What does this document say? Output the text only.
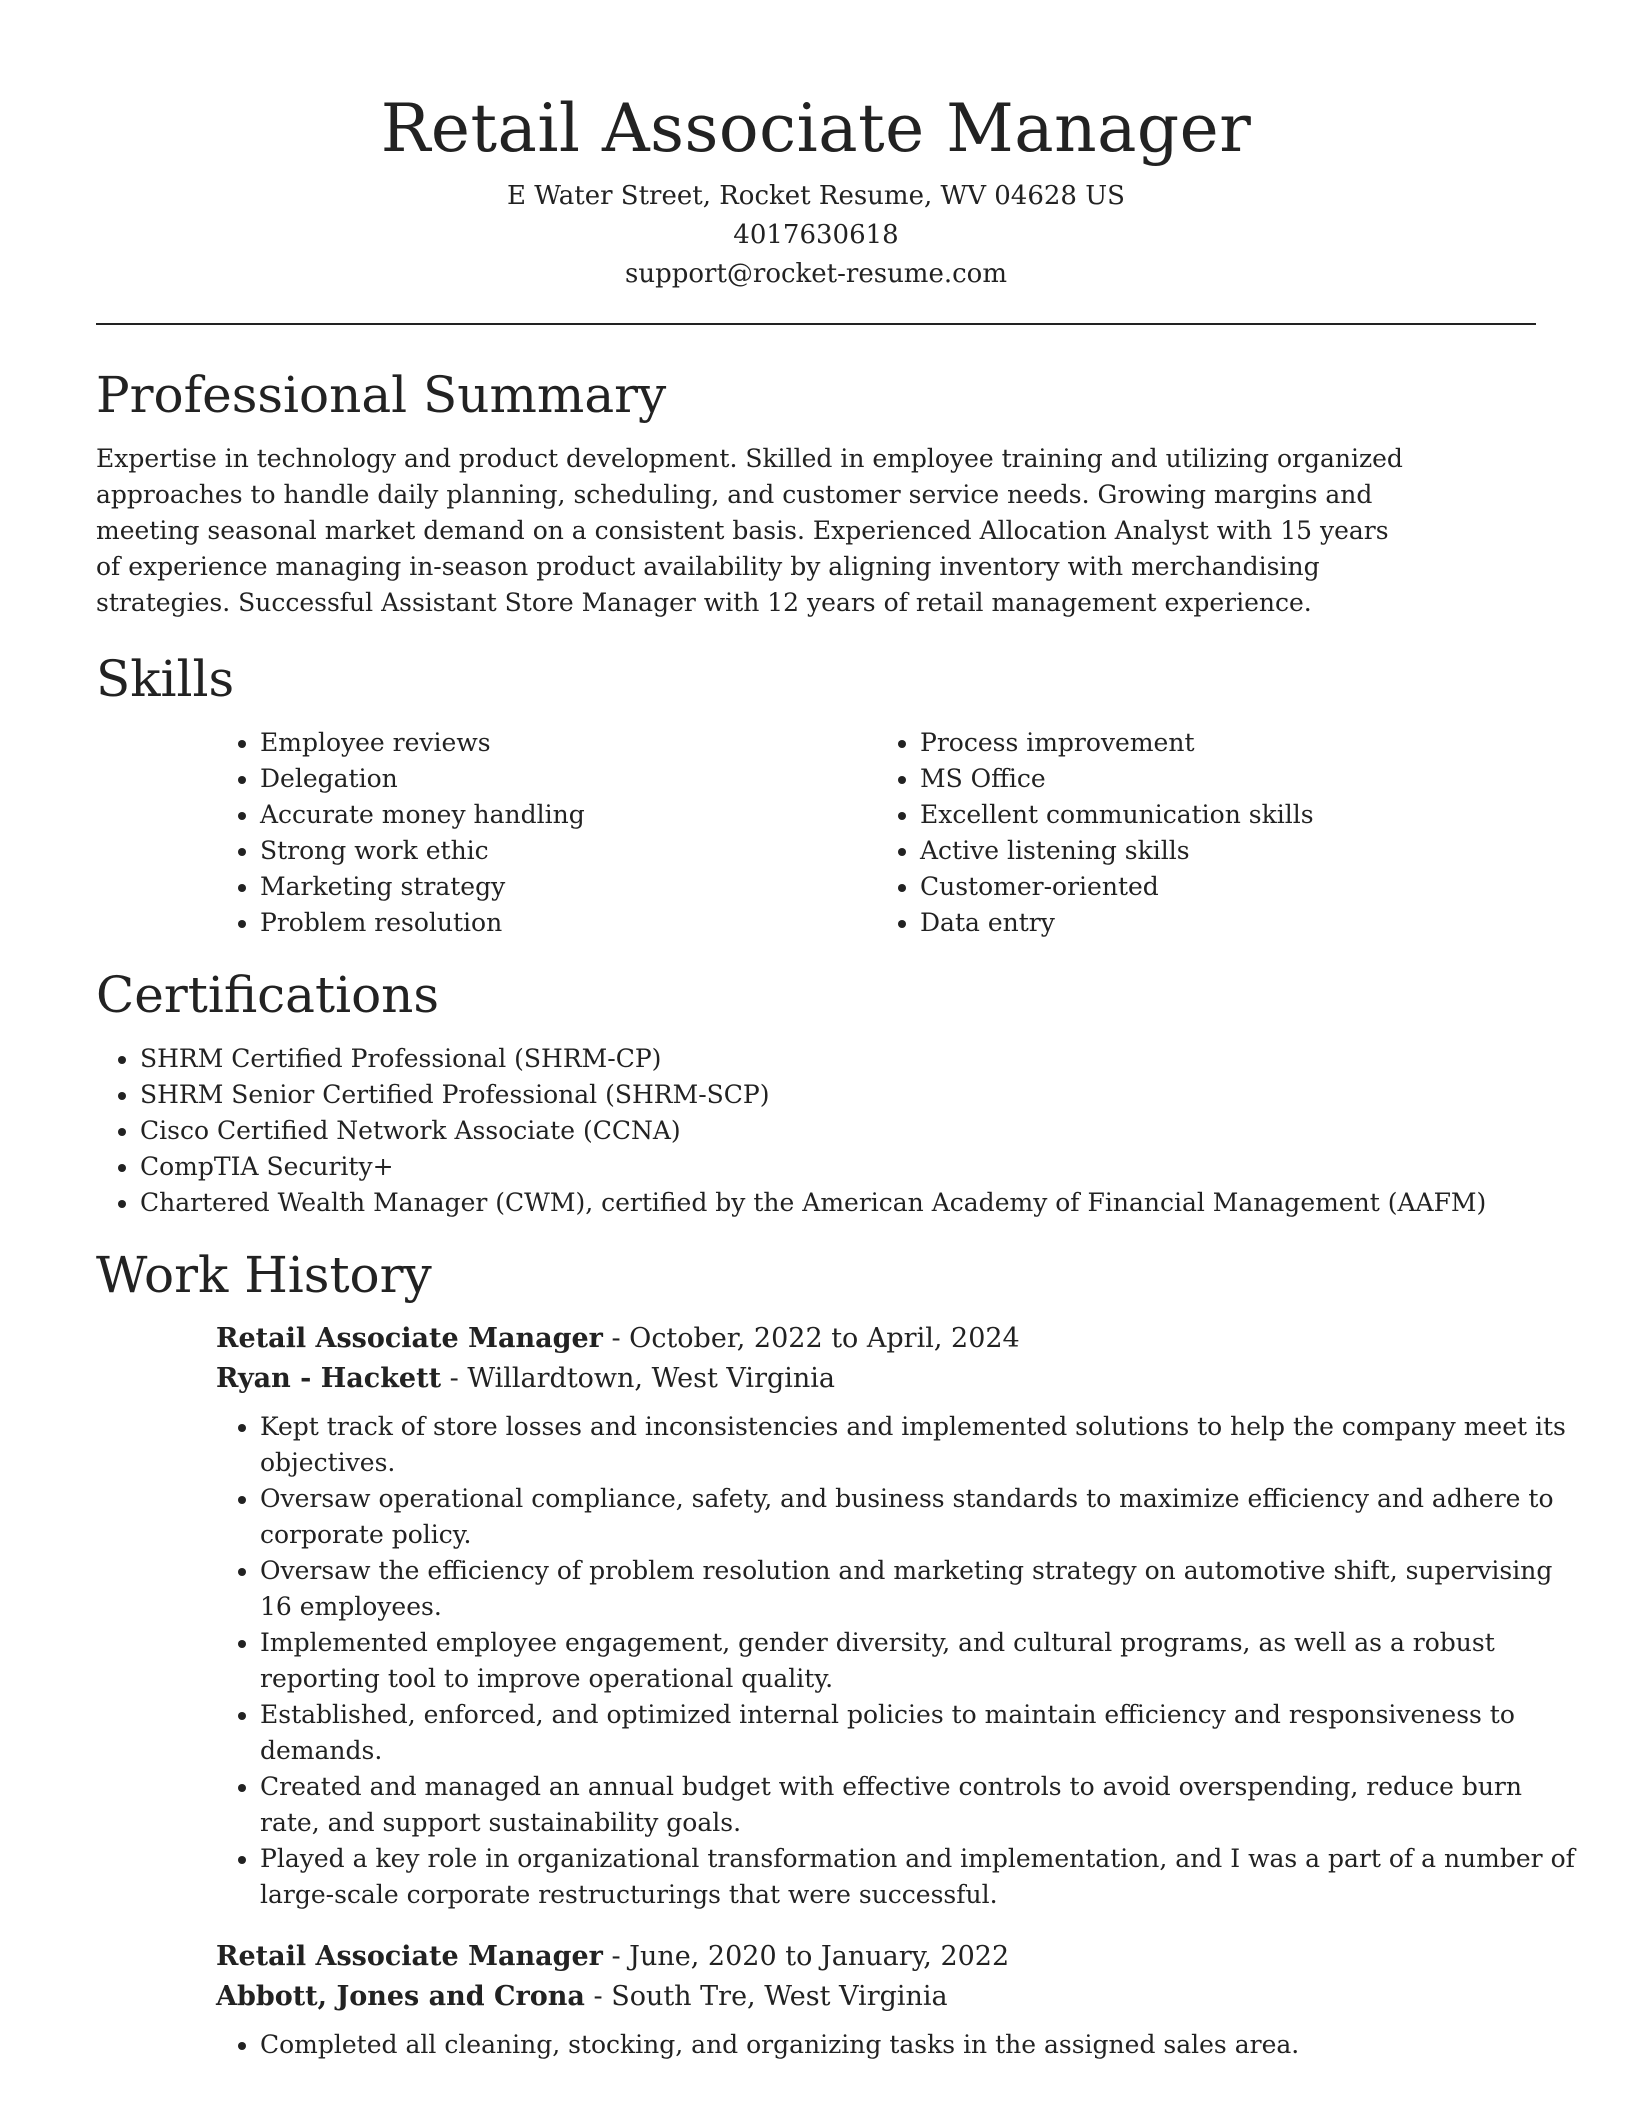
Retail Associate Manager

E Water Street, Rocket Resume, WV 04628 US

4017630618

support@rocket-resume.com

Professional Summary

Expertise in technology and product development. Skilled in employee training and utilizing organized approaches to handle daily planning, scheduling, and customer service needs. Growing margins and meeting seasonal market demand on a consistent basis. Experienced Allocation Analyst with 15 years of experience managing in-season product availability by aligning inventory with merchandising strategies. Successful Assistant Store Manager with 12 years of retail management experience.

Skills
• Employee reviews
• Delegation
• Accurate money handling
• Strong work ethic
• Marketing strategy
• Problem resolution
• Process improvement
• MS Office
• Excellent communication skills
• Active listening skills
• Customer-oriented
• Data entry
Certifications
• SHRM Certified Professional (SHRM-CP)
• SHRM Senior Certified Professional (SHRM-SCP)
• Cisco Certified Network Associate (CCNA)
• CompTIA Security+
• Chartered Wealth Manager (CWM), certified by the American Academy of Financial Management (AAFM)
Work History

Retail Associate Manager - October, 2022 to April, 2024

Ryan - Hackett - Willardtown, West Virginia

• Kept track of store losses and inconsistencies and implemented solutions to help the company meet its objectives.
• Oversaw operational compliance, safety, and business standards to maximize efficiency and adhere to corporate policy.
• Oversaw the efficiency of problem resolution and marketing strategy on automotive shift, supervising 16 employees.
• Implemented employee engagement, gender diversity, and cultural programs, as well as a robust reporting tool to improve operational quality.
• Established, enforced, and optimized internal policies to maintain efficiency and responsiveness to demands.
• Created and managed an annual budget with effective controls to avoid overspending, reduce burn rate, and support sustainability goals.
• Played a key role in organizational transformation and implementation, and I was a part of a number of large-scale corporate restructurings that were successful.

Retail Associate Manager - June, 2020 to January, 2022

Abbott, Jones and Crona - South Tre, West Virginia

• Completed all cleaning, stocking, and organizing tasks in the assigned sales area.
